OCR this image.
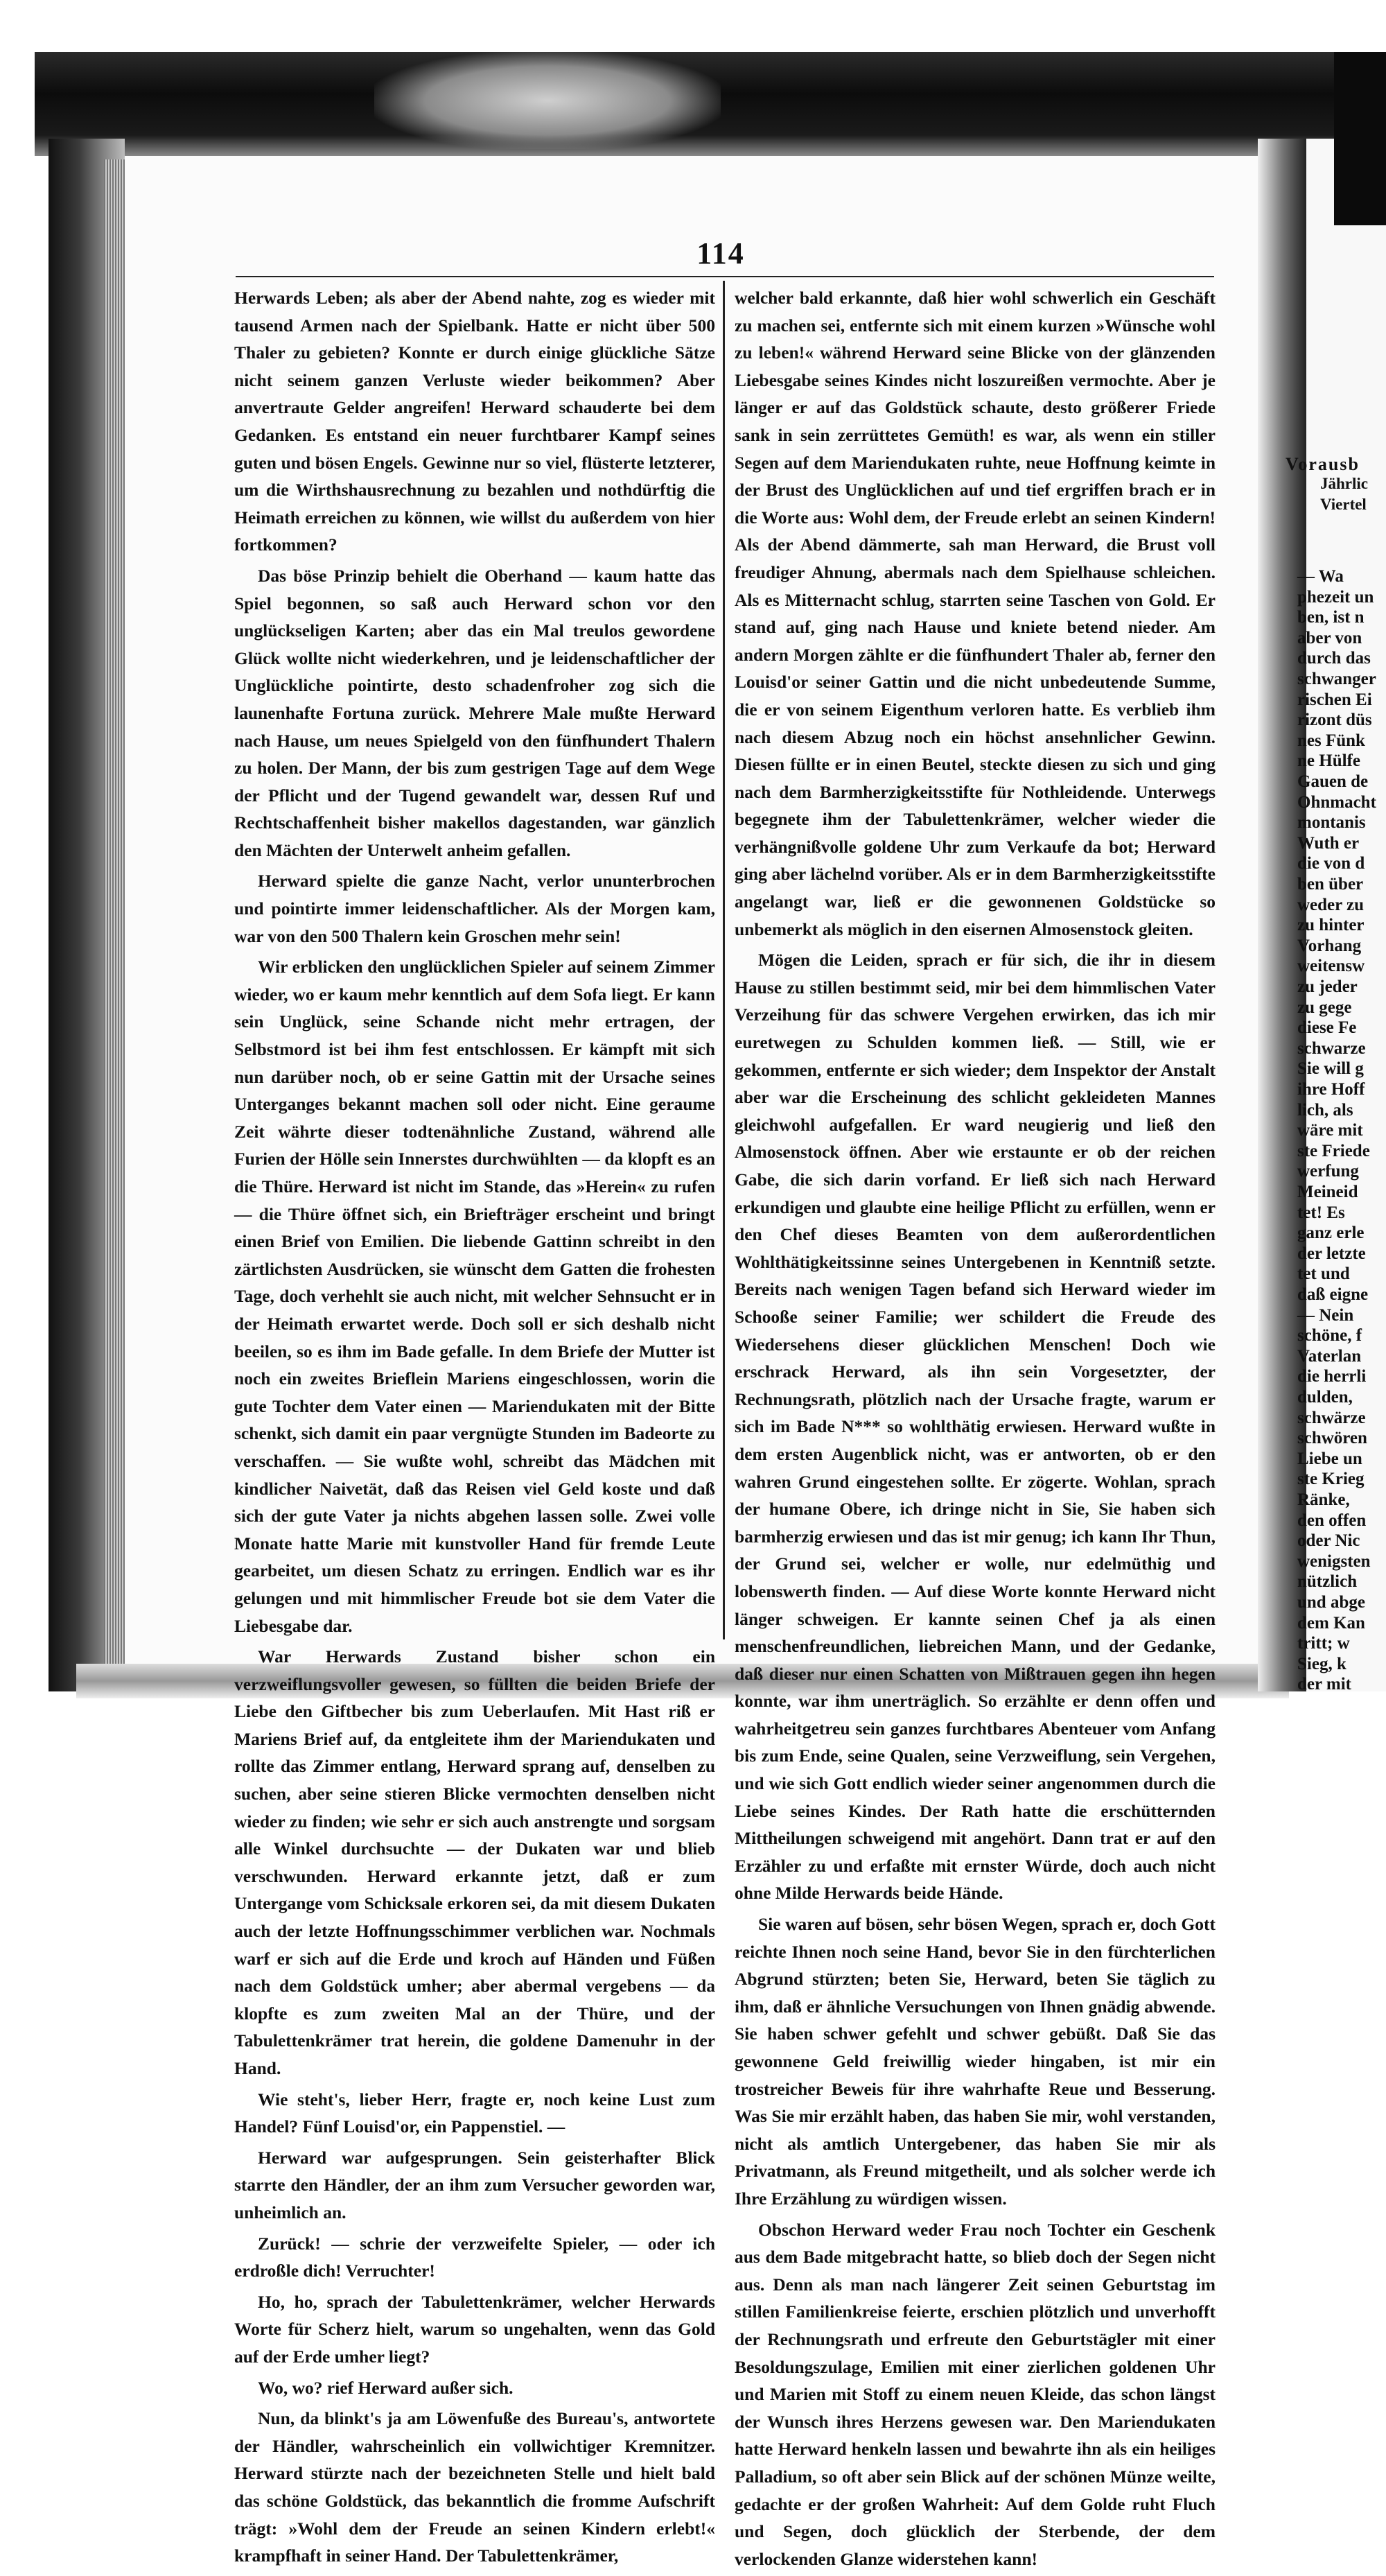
114

Herwards Leben; als aber der Abend nahte, zog es wieder mit tausend Armen nach der Spielbank. Hatte er nicht über 500 Thaler zu gebieten? Konnte er durch einige glückliche Sätze nicht seinem ganzen Verluste wieder beikommen? Aber anvertraute Gelder angreifen! Herward schauderte bei dem Gedanken. Es entstand ein neuer furchtbarer Kampf seines guten und bösen Engels. Gewinne nur so viel, flüsterte letzterer, um die Wirthshausrechnung zu bezahlen und nothdürftig die Heimath erreichen zu können, wie willst du außerdem von hier fortkommen?

Das böse Prinzip behielt die Oberhand — kaum hatte das Spiel begonnen, so saß auch Herward schon vor den unglückseligen Karten; aber das ein Mal treulos gewordene Glück wollte nicht wiederkehren, und je leidenschaftlicher der Unglückliche pointirte, desto schadenfroher zog sich die launenhafte Fortuna zurück. Mehrere Male mußte Herward nach Hause, um neues Spielgeld von den fünfhundert Thalern zu holen. Der Mann, der bis zum gestrigen Tage auf dem Wege der Pflicht und der Tugend gewandelt war, dessen Ruf und Rechtschaffenheit bisher makellos dagestanden, war gänzlich den Mächten der Unterwelt anheim gefallen.

Herward spielte die ganze Nacht, verlor ununterbrochen und pointirte immer leidenschaftlicher. Als der Morgen kam, war von den 500 Thalern kein Groschen mehr sein!

Wir erblicken den unglücklichen Spieler auf seinem Zimmer wieder, wo er kaum mehr kenntlich auf dem Sofa liegt. Er kann sein Unglück, seine Schande nicht mehr ertragen, der Selbstmord ist bei ihm fest entschlossen. Er kämpft mit sich nun darüber noch, ob er seine Gattin mit der Ursache seines Unterganges bekannt machen soll oder nicht. Eine geraume Zeit währte dieser todtenähnliche Zustand, während alle Furien der Hölle sein Innerstes durchwühlten — da klopft es an die Thüre. Herward ist nicht im Stande, das »Herein« zu rufen — die Thüre öffnet sich, ein Briefträger erscheint und bringt einen Brief von Emilien. Die liebende Gattinn schreibt in den zärtlichsten Ausdrücken, sie wünscht dem Gatten die frohesten Tage, doch verhehlt sie auch nicht, mit welcher Sehnsucht er in der Heimath erwartet werde. Doch soll er sich deshalb nicht beeilen, so es ihm im Bade gefalle. In dem Briefe der Mutter ist noch ein zweites Brieflein Mariens eingeschlossen, worin die gute Tochter dem Vater einen — Mariendukaten mit der Bitte schenkt, sich damit ein paar vergnügte Stunden im Badeorte zu verschaffen. — Sie wußte wohl, schreibt das Mädchen mit kindlicher Naivetät, daß das Reisen viel Geld koste und daß sich der gute Vater ja nichts abgehen lassen solle. Zwei volle Monate hatte Marie mit kunstvoller Hand für fremde Leute gearbeitet, um diesen Schatz zu erringen. Endlich war es ihr gelungen und mit himmlischer Freude bot sie dem Vater die Liebesgabe dar.

War Herwards Zustand bisher schon ein verzweiflungsvoller gewesen, so füllten die beiden Briefe der Liebe den Giftbecher bis zum Ueberlaufen. Mit Hast riß er Mariens Brief auf, da entgleitete ihm der Mariendukaten und rollte das Zimmer entlang, Herward sprang auf, denselben zu suchen, aber seine stieren Blicke vermochten denselben nicht wieder zu finden; wie sehr er sich auch anstrengte und sorgsam alle Winkel durchsuchte — der Dukaten war und blieb verschwunden. Herward erkannte jetzt, daß er zum Untergange vom Schicksale erkoren sei, da mit diesem Dukaten auch der letzte Hoffnungsschimmer verblichen war. Nochmals warf er sich auf die Erde und kroch auf Händen und Füßen nach dem Goldstück umher; aber abermal vergebens — da klopfte es zum zweiten Mal an der Thüre, und der Tabulettenkrämer trat herein, die goldene Damenuhr in der Hand.

Wie steht's, lieber Herr, fragte er, noch keine Lust zum Handel? Fünf Louisd'or, ein Pappenstiel. —

Herward war aufgesprungen. Sein geisterhafter Blick starrte den Händler, der an ihm zum Versucher geworden war, unheimlich an.

Zurück! — schrie der verzweifelte Spieler, — oder ich erdroßle dich! Verruchter!

Ho, ho, sprach der Tabulettenkrämer, welcher Herwards Worte für Scherz hielt, warum so ungehalten, wenn das Gold auf der Erde umher liegt?

Wo, wo? rief Herward außer sich.

Nun, da blinkt's ja am Löwenfuße des Bureau's, antwortete der Händler, wahrscheinlich ein vollwichtiger Kremnitzer. Herward stürzte nach der bezeichneten Stelle und hielt bald das schöne Goldstück, das bekanntlich die fromme Aufschrift trägt: »Wohl dem der Freude an seinen Kindern erlebt!« krampfhaft in seiner Hand. Der Tabulettenkrämer,

welcher bald erkannte, daß hier wohl schwerlich ein Geschäft zu machen sei, entfernte sich mit einem kurzen »Wünsche wohl zu leben!« während Herward seine Blicke von der glänzenden Liebesgabe seines Kindes nicht loszureißen vermochte. Aber je länger er auf das Goldstück schaute, desto größerer Friede sank in sein zerrüttetes Gemüth! es war, als wenn ein stiller Segen auf dem Mariendukaten ruhte, neue Hoffnung keimte in der Brust des Unglücklichen auf und tief ergriffen brach er in die Worte aus: Wohl dem, der Freude erlebt an seinen Kindern! Als der Abend dämmerte, sah man Herward, die Brust voll freudiger Ahnung, abermals nach dem Spielhause schleichen. Als es Mitternacht schlug, starrten seine Taschen von Gold. Er stand auf, ging nach Hause und kniete betend nieder. Am andern Morgen zählte er die fünfhundert Thaler ab, ferner den Louisd'or seiner Gattin und die nicht unbedeutende Summe, die er von seinem Eigenthum verloren hatte. Es verblieb ihm nach diesem Abzug noch ein höchst ansehnlicher Gewinn. Diesen füllte er in einen Beutel, steckte diesen zu sich und ging nach dem Barmherzigkeitsstifte für Nothleidende. Unterwegs begegnete ihm der Tabulettenkrämer, welcher wieder die verhängnißvolle goldene Uhr zum Verkaufe da bot; Herward ging aber lächelnd vorüber. Als er in dem Barmherzigkeitsstifte angelangt war, ließ er die gewonnenen Goldstücke so unbemerkt als möglich in den eisernen Almosenstock gleiten.

Mögen die Leiden, sprach er für sich, die ihr in diesem Hause zu stillen bestimmt seid, mir bei dem himmlischen Vater Verzeihung für das schwere Vergehen erwirken, das ich mir euretwegen zu Schulden kommen ließ. — Still, wie er gekommen, entfernte er sich wieder; dem Inspektor der Anstalt aber war die Erscheinung des schlicht gekleideten Mannes gleichwohl aufgefallen. Er ward neugierig und ließ den Almosenstock öffnen. Aber wie erstaunte er ob der reichen Gabe, die sich darin vorfand. Er ließ sich nach Herward erkundigen und glaubte eine heilige Pflicht zu erfüllen, wenn er den Chef dieses Beamten von dem außerordentlichen Wohlthätigkeitssinne seines Untergebenen in Kenntniß setzte. Bereits nach wenigen Tagen befand sich Herward wieder im Schooße seiner Familie; wer schildert die Freude des Wiedersehens dieser glücklichen Menschen! Doch wie erschrack Herward, als ihn sein Vorgesetzter, der Rechnungsrath, plötzlich nach der Ursache fragte, warum er sich im Bade N*** so wohlthätig erwiesen. Herward wußte in dem ersten Augenblick nicht, was er antworten, ob er den wahren Grund eingestehen sollte. Er zögerte. Wohlan, sprach der humane Obere, ich dringe nicht in Sie, Sie haben sich barmherzig erwiesen und das ist mir genug; ich kann Ihr Thun, der Grund sei, welcher er wolle, nur edelmüthig und lobenswerth finden. — Auf diese Worte konnte Herward nicht länger schweigen. Er kannte seinen Chef ja als einen menschenfreundlichen, liebreichen Mann, und der Gedanke, daß dieser nur einen Schatten von Mißtrauen gegen ihn hegen konnte, war ihm unerträglich. So erzählte er denn offen und wahrheitgetreu sein ganzes furchtbares Abenteuer vom Anfang bis zum Ende, seine Qualen, seine Verzweiflung, sein Vergehen, und wie sich Gott endlich wieder seiner angenommen durch die Liebe seines Kindes. Der Rath hatte die erschütternden Mittheilungen schweigend mit angehört. Dann trat er auf den Erzähler zu und erfaßte mit ernster Würde, doch auch nicht ohne Milde Herwards beide Hände.

Sie waren auf bösen, sehr bösen Wegen, sprach er, doch Gott reichte Ihnen noch seine Hand, bevor Sie in den fürchterlichen Abgrund stürzten; beten Sie, Herward, beten Sie täglich zu ihm, daß er ähnliche Versuchungen von Ihnen gnädig abwende. Sie haben schwer gefehlt und schwer gebüßt. Daß Sie das gewonnene Geld freiwillig wieder hingaben, ist mir ein trostreicher Beweis für ihre wahrhafte Reue und Besserung. Was Sie mir erzählt haben, das haben Sie mir, wohl verstanden, nicht als amtlich Untergebener, das haben Sie mir als Privatmann, als Freund mitgetheilt, und als solcher werde ich Ihre Erzählung zu würdigen wissen.

Obschon Herward weder Frau noch Tochter ein Geschenk aus dem Bade mitgebracht hatte, so blieb doch der Segen nicht aus. Denn als man nach längerer Zeit seinen Geburtstag im stillen Familienkreise feierte, erschien plötzlich und unverhofft der Rechnungsrath und erfreute den Geburtstägler mit einer Besoldungszulage, Emilien mit einer zierlichen goldenen Uhr und Marien mit Stoff zu einem neuen Kleide, das schon längst der Wunsch ihres Herzens gewesen war. Den Mariendukaten hatte Herward henkeln lassen und bewahrte ihn als ein heiliges Palladium, so oft aber sein Blick auf der schönen Münze weilte, gedachte er der großen Wahrheit: Auf dem Golde ruht Fluch und Segen, doch glücklich der Sterbende, der dem verlockenden Glanze widerstehen kann!

Vorausb
Jährlic
Viertel
— Wa
phezeit un
ben, ist n
aber von
durch das
schwanger
rischen Ei
rizont düs
nes Fünk
ne Hülfe
Gauen de
Ohnmacht
montanis
Wuth er
die von d
ben über
weder zu
zu hinter
Vorhang
weitensw
zu jeder
zu gege
diese Fe
schwarze
Sie will g
ihre Hoff
lich, als
wäre mit
ste Friede
werfung
Meineid
tet! Es
ganz erle
der letzte
tet und
daß eigne
— Nein
schöne, f
Vaterlan
die herrli
dulden,
schwärze
schwören
Liebe un
ste Krieg
Ränke,
den offen
oder Nic
wenigsten
nützlich
und abge
dem Kan
tritt; w
Sieg, k
der mit
